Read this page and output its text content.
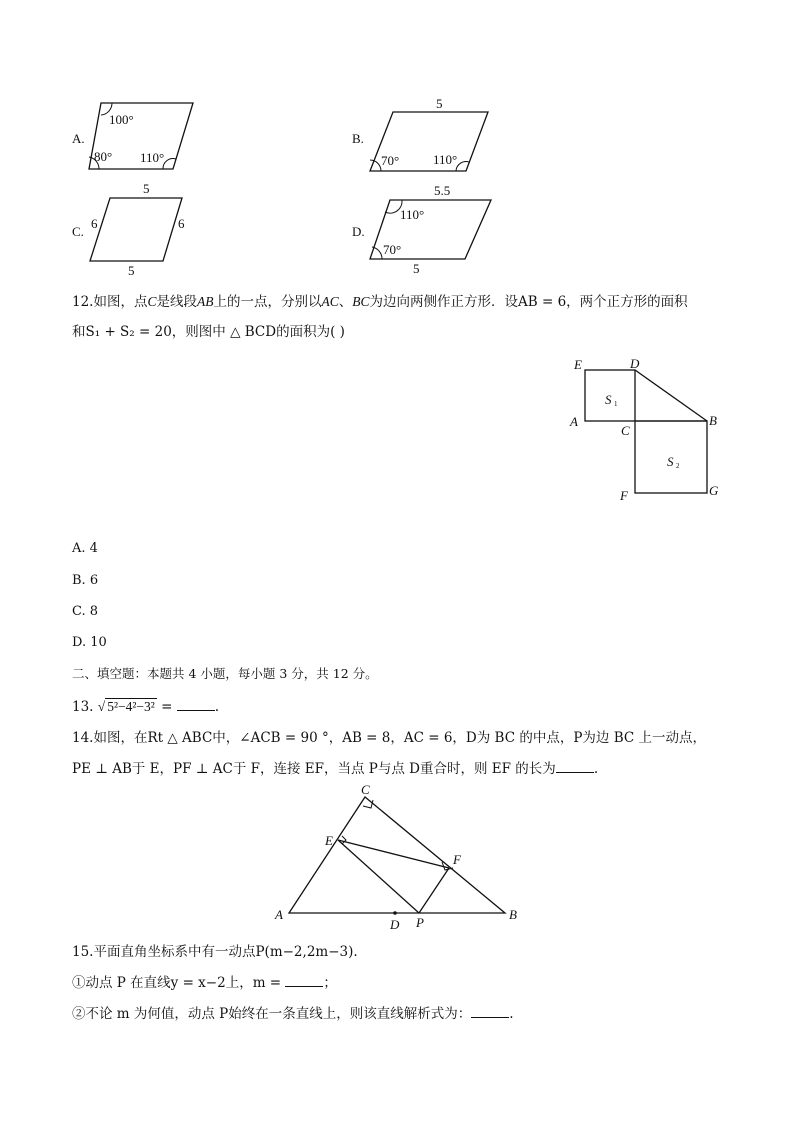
A.
100°
80° 110°
B.
5
70°	110°
C.
5
6	6
5
D.
5.5
110°
70°
5
12.如图，点C是线段AB上的一点，分别以AC、BC为边向两侧作正方形．设AB = 6，两个正方形的面积
和S₁ + S₂ = 20，则图中 △ BCD的面积为( )
E	D
A
C
B
S 1
S 2
F	G
A. 4
B. 6
C. 8
D. 10
二、填空题：本题共 4 小题，每小题 3 分，共 12 分。
13. √ 5²−4²−3² =	.
14.如图，在Rt △ ABC中，∠ACB = 90 °，AB = 8，AC = 6，D为 BC 的中点，P为边 BC 上一动点，
PE ⊥ AB于 E，PF ⊥ AC于 F，连接 EF，当点 P与点 D重合时，则 EF 的长为	.
C
E
F
A
D P
B
15.平面直角坐标系中有一动点P(m−2,2m−3).
①动点 P 在直线y = x−2上，m =	；
②不论 m 为何值，动点 P始终在一条直线上，则该直线解析式为：	.
